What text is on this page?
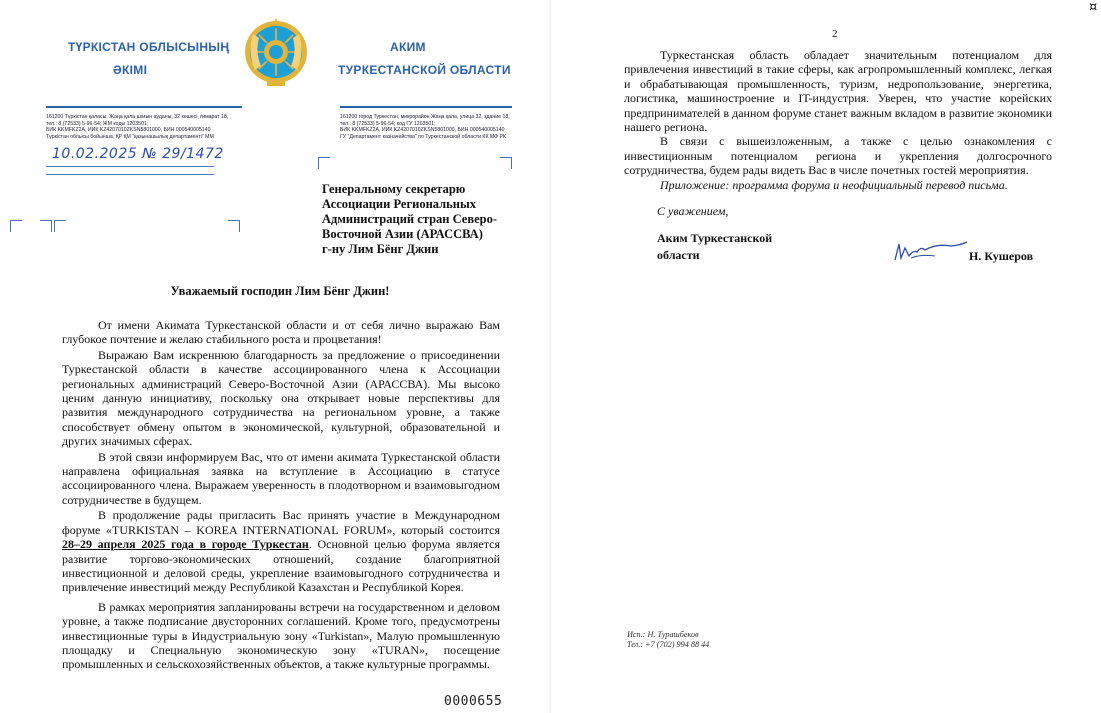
ТҮРКІСТАН ОБЛЫСЫНЫҢ
ӘКІМІ
АКИМ
ТУРКЕСТАНСКОЙ ОБЛАСТИ
161200 Түркістан қаласы, Жаңа қала шағын ауданы, 32 көшесі, ғимарат 18,
тел.: 8 (72533) 5-96-54; ЖМ коды 1203501;
БИК KKMFKZ2A, ИИК KZ4207010ZKSN5801000, БИН 000540005140
Түркістан облысы бойынша, ҚР ҚМ "қазынашылық департаменті" ММ
161200 город Туркестан, микрорайон Жаңа қала, улица 32, здание 18,
тел.: 8 (72533) 5-96-54; код ГУ 1203501;
БИК KKMFKZ2A, ИИК KZ4207010ZKSN5801000, БИН 000540005140
ГУ "Департамент казначейства" по Туркестанской области КК МФ РК
10.02.2025 № 29/1472
Генеральному секретарю
Ассоциации Региональных
Администраций стран Северо-
Восточной Азии (АРАССВА)
г-ну Лим Бёнг Джин
Уважаемый господин Лим Бёнг Джин!

От имени Акимата Туркестанской области и от себя лично выражаю Вам глубокое почтение и желаю стабильного роста и процветания!

Выражаю Вам искреннюю благодарность за предложение о присоединении Туркестанской области в качестве ассоциированного члена к Ассоциации региональных администраций Северо-Восточной Азии (АРАССВА). Мы высоко ценим данную инициативу, поскольку она открывает новые перспективы для развития международного сотрудничества на региональном уровне, а также способствует обмену опытом в экономической, культурной, образовательной и других значимых сферах.

В этой связи информируем Вас, что от имени акимата Туркестанской области направлена официальная заявка на вступление в Ассоциацию в статусе ассоциированного члена. Выражаем уверенность в плодотворном и взаимовыгодном сотрудничестве в будущем.

В продолжение рады пригласить Вас принять участие в Международном форуме «TURKISTAN – KOREA INTERNATIONAL FORUM», который состоится 28–29 апреля 2025 года в городе Туркестан. Основной целью форума является развитие торгово-экономических отношений, создание благоприятной инвестиционной и деловой среды, укрепление взаимовыгодного сотрудничества и привлечение инвестиций между Республикой Казахстан и Республикой Корея.

В рамках мероприятия запланированы встречи на государственном и деловом уровне, а также подписание двусторонних соглашений. Кроме того, предусмотрены инвестиционные туры в Индустриальную зону «Turkistan», Малую промышленную площадку и Специальную экономическую зону «TURAN», посещение промышленных и сельскохозяйственных объектов, а также культурные программы.

0000655
2

Туркестанская область обладает значительным потенциалом для привлечения инвестиций в такие сферы, как агропромышленный комплекс, легкая и обрабатывающая промышленность, туризм, недропользование, энергетика, логистика, машиностроение и IT-индустрия. Уверен, что участие корейских предпринимателей в данном форуме станет важным вкладом в развитие экономики нашего региона.

В связи с вышеизложенным, а также с целью ознакомления с инвестиционным потенциалом региона и укрепления долгосрочного сотрудничества, будем рады видеть Вас в числе почетных гостей мероприятия.

Приложение: программа форума и неофициальный перевод письма.

С уважением,
Аким Туркестанской
области	Н. Кушеров
Исп.: Н. Турашбеков
Тел.: +7 (702) 994 88 44
¤
